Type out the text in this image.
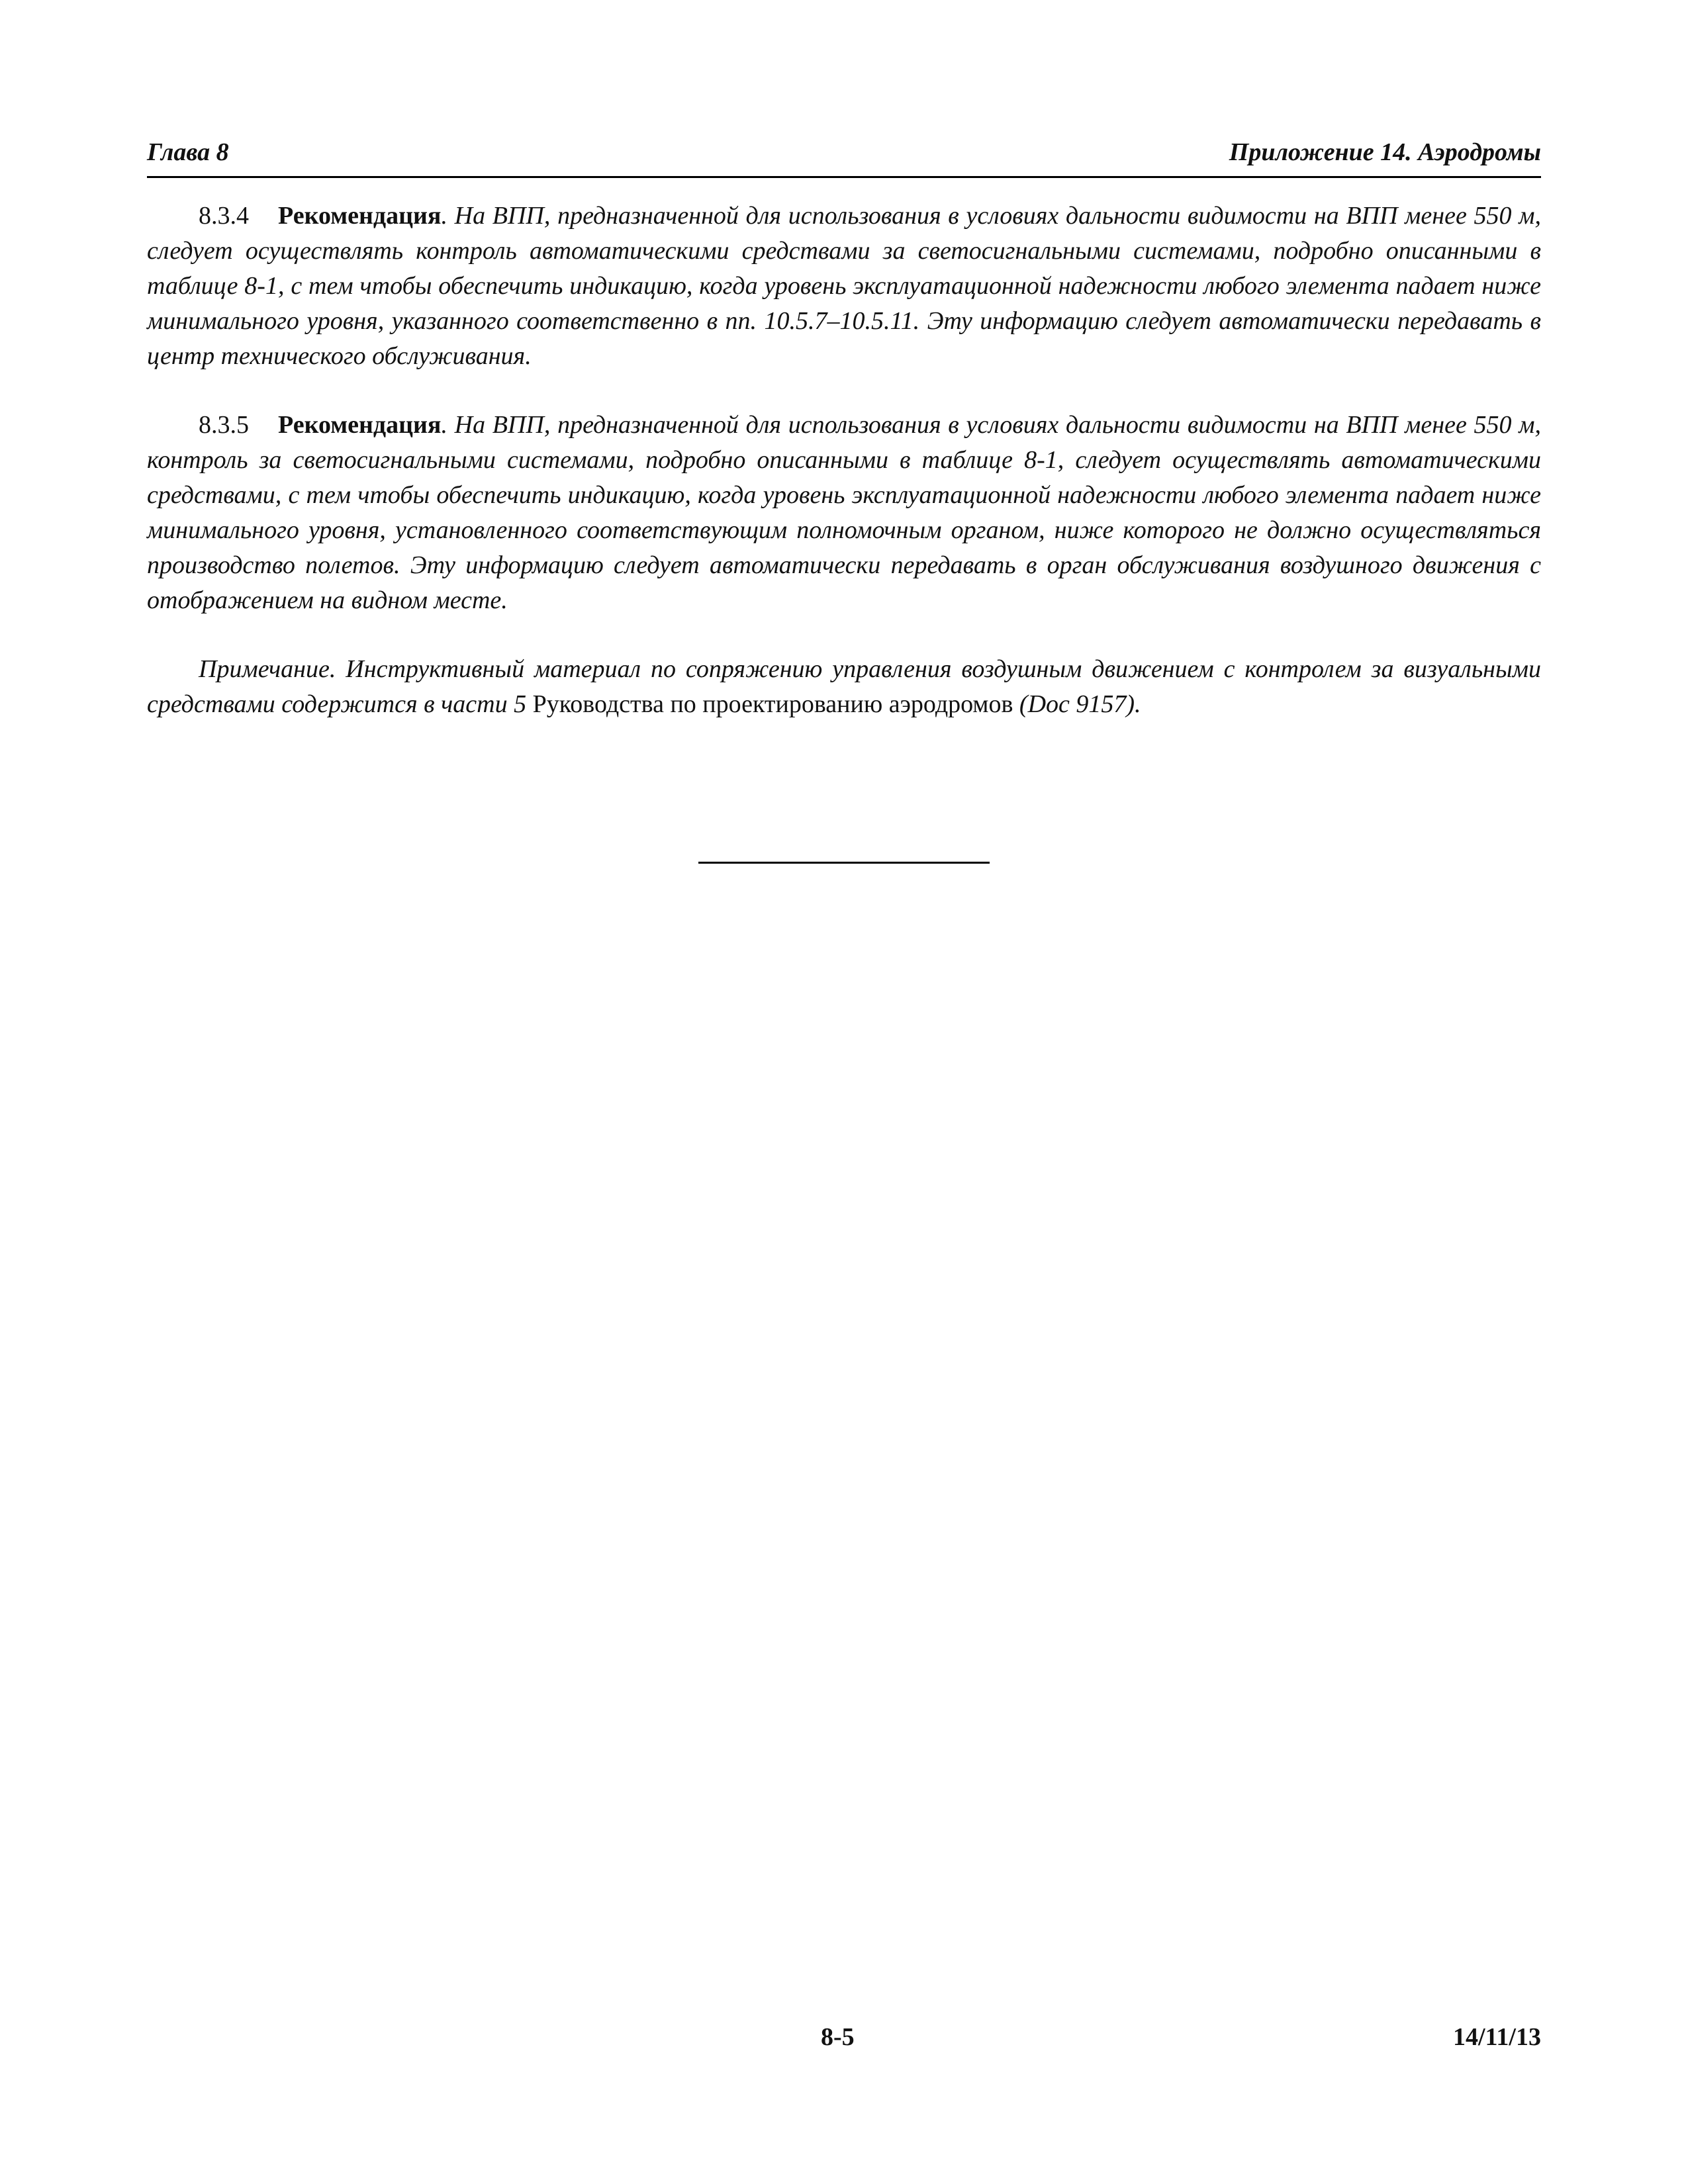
Глава 8	Приложение 14. Аэродромы

8.3.4 Рекомендация. На ВПП, предназначенной для использования в условиях дальности видимости на ВПП менее 550 м, следует осуществлять контроль автоматическими средствами за светосигнальными системами, подробно описанными в таблице 8-1, с тем чтобы обеспечить индикацию, когда уровень эксплуатационной надежности любого элемента падает ниже минимального уровня, указанного соответственно в пп. 10.5.7–10.5.11. Эту информацию следует автоматически передавать в центр технического обслуживания.

8.3.5 Рекомендация. На ВПП, предназначенной для использования в условиях дальности видимости на ВПП менее 550 м, контроль за светосигнальными системами, подробно описанными в таблице 8-1, следует осуществлять автоматическими средствами, с тем чтобы обеспечить индикацию, когда уровень эксплуатационной надежности любого элемента падает ниже минимального уровня, установленного соответствующим полномочным органом, ниже которого не должно осуществляться производство полетов. Эту информацию следует автоматически передавать в орган обслуживания воздушного движения с отображением на видном месте.

Примечание. Инструктивный материал по сопряжению управления воздушным движением с контролем за визуальными средствами содержится в части 5 Руководства по проектированию аэродромов (Doc 9157).

8-5	14/11/13
